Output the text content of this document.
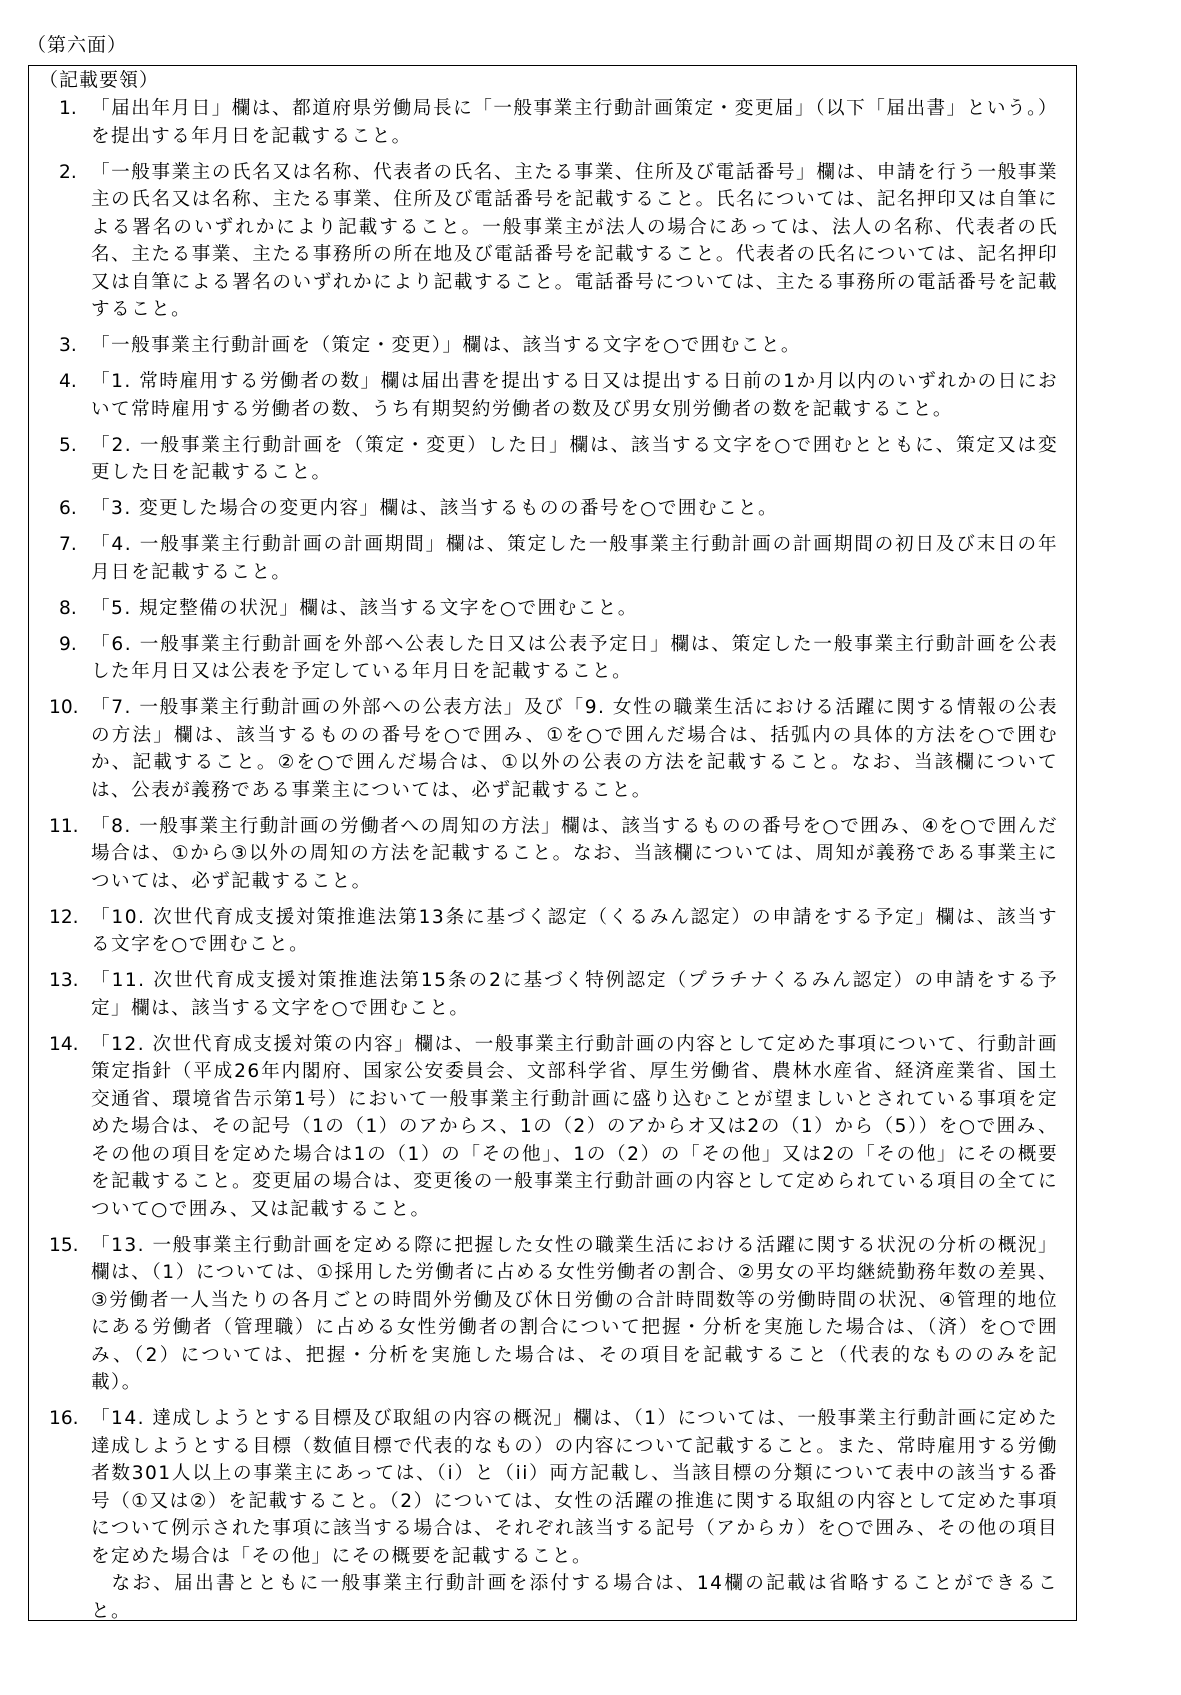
（第六面）
（記載要領）
1. 「届出年月日」欄は、都道府県労働局長に「一般事業主行動計画策定・変更届」（以下「届出書」という。）を提出する年月日を記載すること。
2. 「一般事業主の氏名又は名称、代表者の氏名、主たる事業、住所及び電話番号」欄は、申請を行う一般事業主の氏名又は名称、主たる事業、住所及び電話番号を記載すること。氏名については、記名押印又は自筆による署名のいずれかにより記載すること。一般事業主が法人の場合にあっては、法人の名称、代表者の氏名、主たる事業、主たる事務所の所在地及び電話番号を記載すること。代表者の氏名については、記名押印又は自筆による署名のいずれかにより記載すること。電話番号については、主たる事務所の電話番号を記載すること。
3. 「一般事業主行動計画を（策定・変更）」欄は、該当する文字を○で囲むこと。
4. 「1. 常時雇用する労働者の数」欄は届出書を提出する日又は提出する日前の1か月以内のいずれかの日において常時雇用する労働者の数、うち有期契約労働者の数及び男女別労働者の数を記載すること。
5. 「2. 一般事業主行動計画を（策定・変更）した日」欄は、該当する文字を○で囲むとともに、策定又は変更した日を記載すること。
6. 「3. 変更した場合の変更内容」欄は、該当するものの番号を○で囲むこと。
7. 「4. 一般事業主行動計画の計画期間」欄は、策定した一般事業主行動計画の計画期間の初日及び末日の年月日を記載すること。
8. 「5. 規定整備の状況」欄は、該当する文字を○で囲むこと。
9. 「6. 一般事業主行動計画を外部へ公表した日又は公表予定日」欄は、策定した一般事業主行動計画を公表した年月日又は公表を予定している年月日を記載すること。
10. 「7. 一般事業主行動計画の外部への公表方法」及び「9. 女性の職業生活における活躍に関する情報の公表の方法」欄は、該当するものの番号を○で囲み、①を○で囲んだ場合は、括弧内の具体的方法を○で囲むか、記載すること。②を○で囲んだ場合は、①以外の公表の方法を記載すること。なお、当該欄については、公表が義務である事業主については、必ず記載すること。
11. 「8. 一般事業主行動計画の労働者への周知の方法」欄は、該当するものの番号を○で囲み、④を○で囲んだ場合は、①から③以外の周知の方法を記載すること。なお、当該欄については、周知が義務である事業主については、必ず記載すること。
12. 「10. 次世代育成支援対策推進法第13条に基づく認定（くるみん認定）の申請をする予定」欄は、該当する文字を○で囲むこと。
13. 「11. 次世代育成支援対策推進法第15条の2に基づく特例認定（プラチナくるみん認定）の申請をする予定」欄は、該当する文字を○で囲むこと。
14. 「12. 次世代育成支援対策の内容」欄は、一般事業主行動計画の内容として定めた事項について、行動計画策定指針（平成26年内閣府、国家公安委員会、文部科学省、厚生労働省、農林水産省、経済産業省、国土交通省、環境省告示第1号）において一般事業主行動計画に盛り込むことが望ましいとされている事項を定めた場合は、その記号（1の（1）のアからス、1の（2）のアからオ又は2の（1）から（5））を○で囲み、その他の項目を定めた場合は1の（1）の「その他」、1の（2）の「その他」又は2の「その他」にその概要を記載すること。変更届の場合は、変更後の一般事業主行動計画の内容として定められている項目の全てについて○で囲み、又は記載すること。
15. 「13. 一般事業主行動計画を定める際に把握した女性の職業生活における活躍に関する状況の分析の概況」欄は、（1）については、①採用した労働者に占める女性労働者の割合、②男女の平均継続勤務年数の差異、③労働者一人当たりの各月ごとの時間外労働及び休日労働の合計時間数等の労働時間の状況、④管理的地位にある労働者（管理職）に占める女性労働者の割合について把握・分析を実施した場合は、（済）を○で囲み、（2）については、把握・分析を実施した場合は、その項目を記載すること（代表的なもののみを記載）。
16. 「14. 達成しようとする目標及び取組の内容の概況」欄は、（1）については、一般事業主行動計画に定めた達成しようとする目標（数値目標で代表的なもの）の内容について記載すること。また、常時雇用する労働者数301人以上の事業主にあっては、（i）と（ii）両方記載し、当該目標の分類について表中の該当する番号（①又は②）を記載すること。（2）については、女性の活躍の推進に関する取組の内容として定めた事項について例示された事項に該当する場合は、それぞれ該当する記号（アからカ）を○で囲み、その他の項目を定めた場合は「その他」にその概要を記載すること。
なお、届出書とともに一般事業主行動計画を添付する場合は、14欄の記載は省略することができること。
